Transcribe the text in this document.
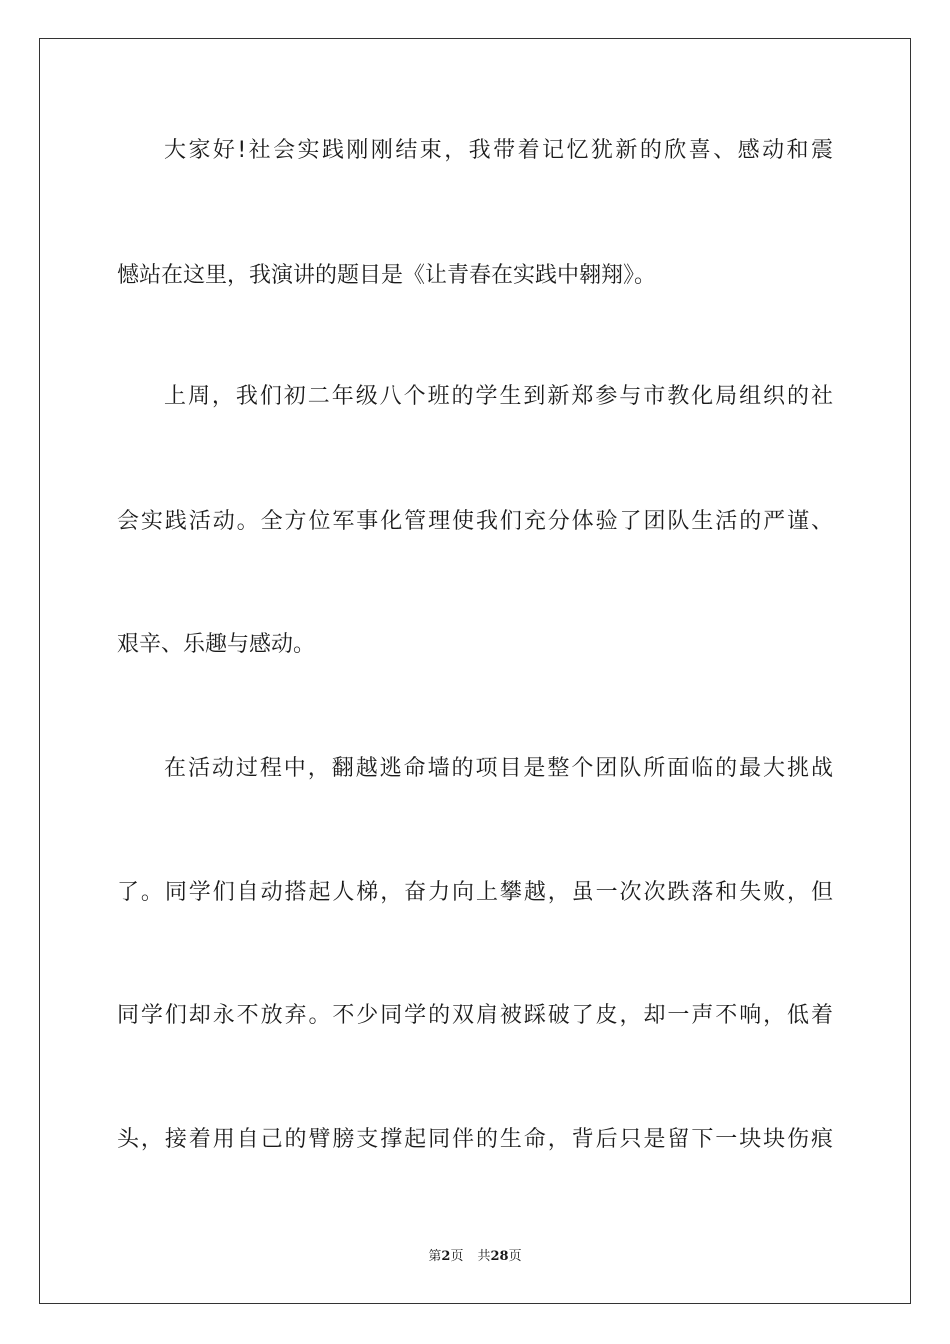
大家好!社会实践刚刚结束，我带着记忆犹新的欣喜、感动和震

憾站在这里，我演讲的题目是《让青春在实践中翱翔》。

上周，我们初二年级八个班的学生到新郑参与市教化局组织的社

会实践活动。全方位军事化管理使我们充分体验了团队生活的严谨、

艰辛、乐趣与感动。

在活动过程中，翻越逃命墙的项目是整个团队所面临的最大挑战

了。同学们自动搭起人梯，奋力向上攀越，虽一次次跌落和失败，但

同学们却永不放弃。不少同学的双肩被踩破了皮，却一声不响，低着

头，接着用自己的臂膀支撑起同伴的生命，背后只是留下一块块伤痕

第2页 共28页
